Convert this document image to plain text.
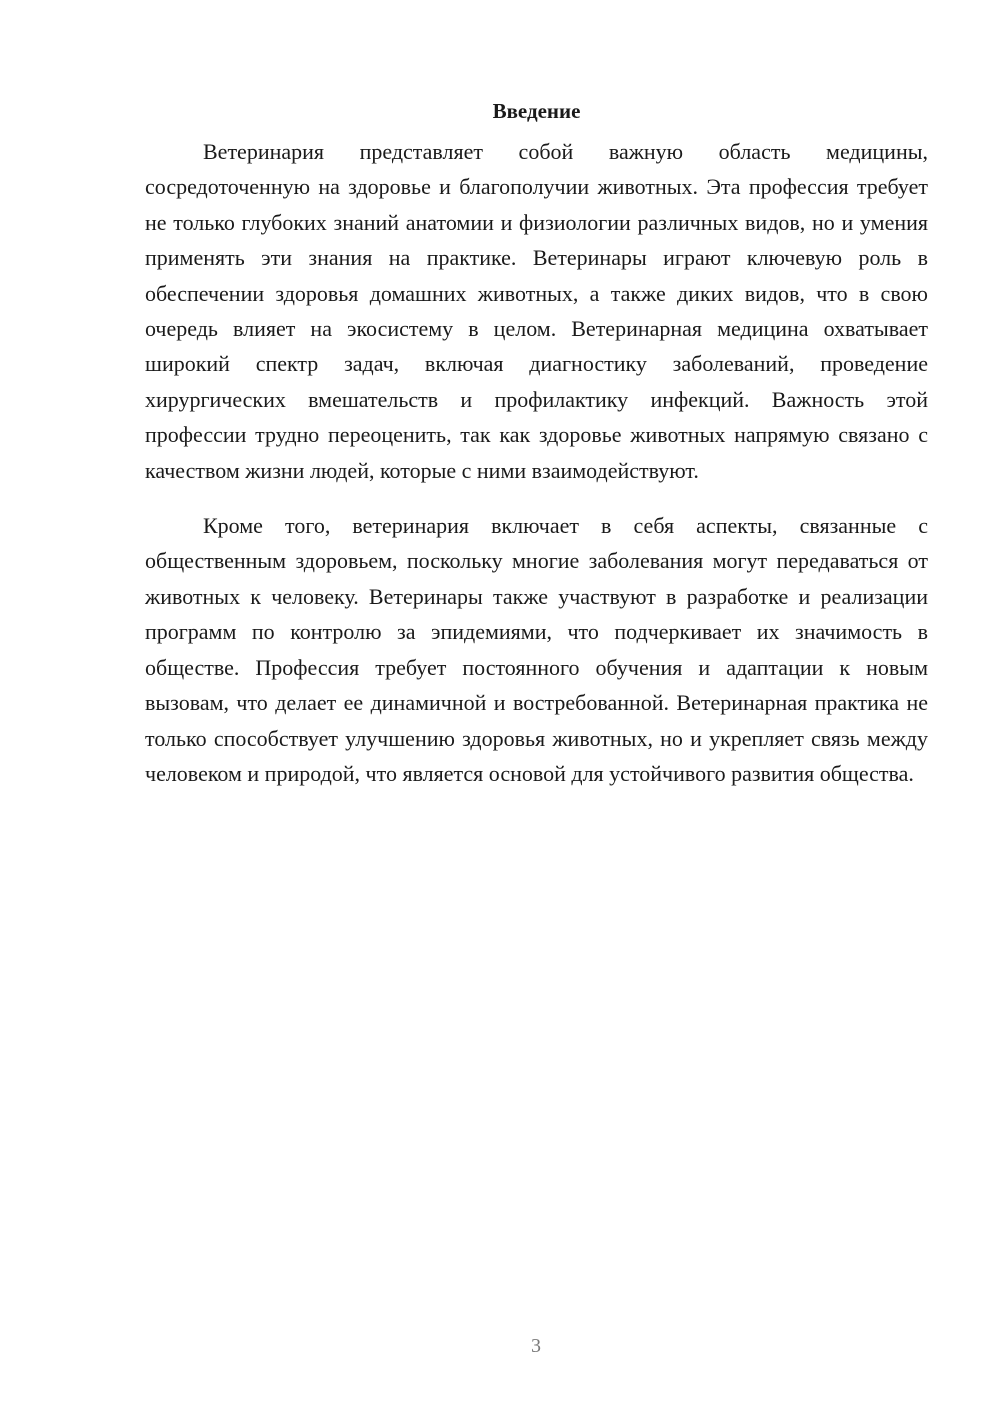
Введение

Ветеринария представляет собой важную область медицины, сосредоточенную на здоровье и благополучии животных. Эта профессия требует не только глубоких знаний анатомии и физиологии различных видов, но и умения применять эти знания на практике. Ветеринары играют ключевую роль в обеспечении здоровья домашних животных, а также диких видов, что в свою очередь влияет на экосистему в целом. Ветеринарная медицина охватывает широкий спектр задач, включая диагностику заболеваний, проведение хирургических вмешательств и профилактику инфекций. Важность этой профессии трудно переоценить, так как здоровье животных напрямую связано с качеством жизни людей, которые с ними взаимодействуют.

Кроме того, ветеринария включает в себя аспекты, связанные с общественным здоровьем, поскольку многие заболевания могут передаваться от животных к человеку. Ветеринары также участвуют в разработке и реализации программ по контролю за эпидемиями, что подчеркивает их значимость в обществе. Профессия требует постоянного обучения и адаптации к новым вызовам, что делает ее динамичной и востребованной. Ветеринарная практика не только способствует улучшению здоровья животных, но и укрепляет связь между человеком и природой, что является основой для устойчивого развития общества.

3
